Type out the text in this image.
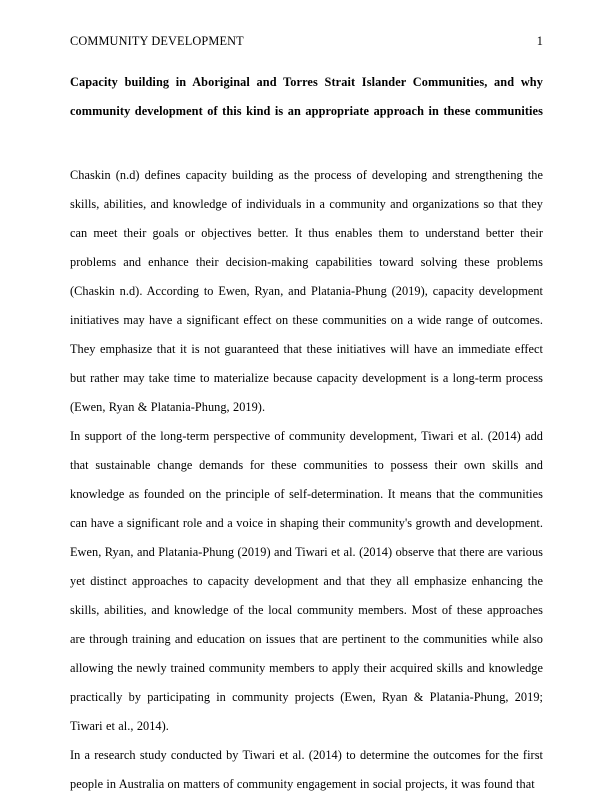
COMMUNITY DEVELOPMENT	1
Capacity building in Aboriginal and Torres Strait Islander Communities, and why community development of this kind is an appropriate approach in these communities

Chaskin (n.d) defines capacity building as the process of developing and strengthening the skills, abilities, and knowledge of individuals in a community and organizations so that they can meet their goals or objectives better. It thus enables them to understand better their problems and enhance their decision-making capabilities toward solving these problems (Chaskin n.d). According to Ewen, Ryan, and Platania-Phung (2019), capacity development initiatives may have a significant effect on these communities on a wide range of outcomes. They emphasize that it is not guaranteed that these initiatives will have an immediate effect but rather may take time to materialize because capacity development is a long-term process (Ewen, Ryan & Platania-Phung, 2019).

In support of the long-term perspective of community development, Tiwari et al. (2014) add that sustainable change demands for these communities to possess their own skills and knowledge as founded on the principle of self-determination. It means that the communities can have a significant role and a voice in shaping their community's growth and development. Ewen, Ryan, and Platania-Phung (2019) and Tiwari et al. (2014) observe that there are various yet distinct approaches to capacity development and that they all emphasize enhancing the skills, abilities, and knowledge of the local community members. Most of these approaches are through training and education on issues that are pertinent to the communities while also allowing the newly trained community members to apply their acquired skills and knowledge practically by participating in community projects (Ewen, Ryan & Platania-Phung, 2019; Tiwari et al., 2014).

In a research study conducted by Tiwari et al. (2014) to determine the outcomes for the first people in Australia on matters of community engagement in social projects, it was found that
